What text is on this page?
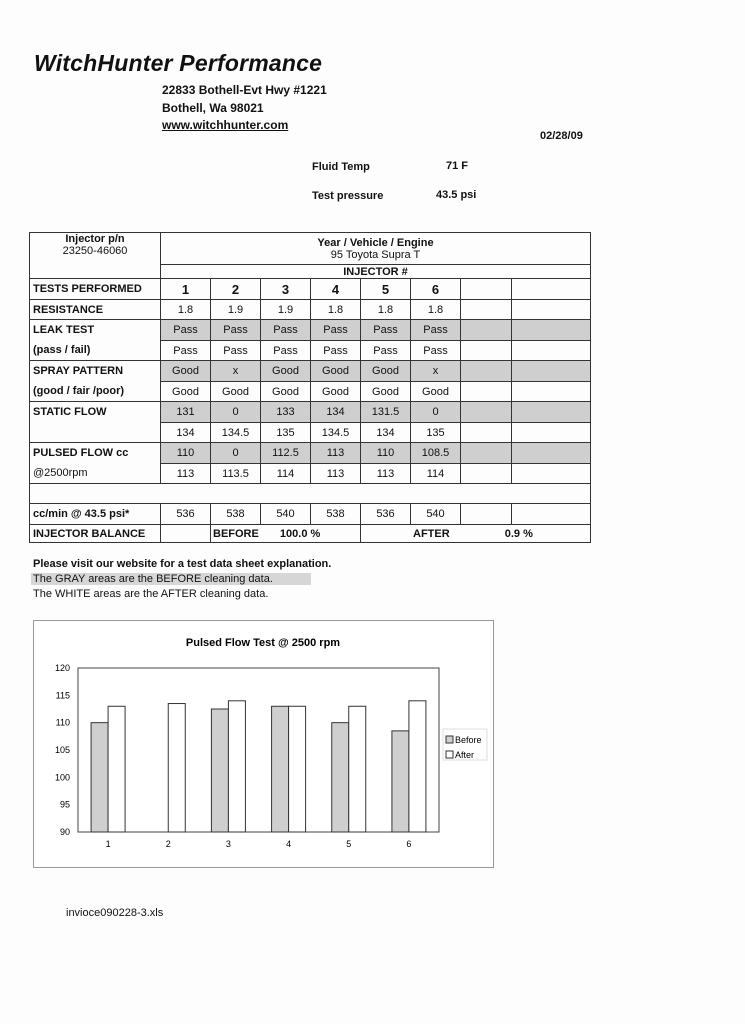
WitchHunter Performance
22833 Bothell-Evt Hwy #1221
Bothell, Wa 98021
www.witchhunter.com
02/28/09
Fluid Temp	71 F
Test pressure	43.5 psi
Injector p/n
23250-46060	Year / Vehicle / Engine
95 Toyota Supra T							
	INJECTOR #							
TESTS PERFORMED	1	2	3	4	5	6		
RESISTANCE	1.8	1.9	1.9	1.8	1.8	1.8		
LEAK TEST	Pass	Pass	Pass	Pass	Pass	Pass		
(pass / fail)	Pass	Pass	Pass	Pass	Pass	Pass		
SPRAY PATTERN	Good	x	Good	Good	Good	x		
(good / fair /poor)	Good	Good	Good	Good	Good	Good		
STATIC FLOW	131	0	133	134	131.5	0		
	134	134.5	135	134.5	134	135		
PULSED FLOW cc	110	0	112.5	113	110	108.5		
@2500rpm	113	113.5	114	113	113	114		

cc/min @ 43.5 psi*	536	538	540	538	536	540		
INJECTOR BALANCE		BEFORE 100.0 %			AFTER 0.9 %			
Please visit our website for a test data sheet explanation.
The GRAY areas are the BEFORE cleaning data.
The WHITE areas are the AFTER cleaning data.
Pulsed Flow Test @ 2500 rpm
90
95
100
105
110
115
120
1	2	3	4	5	6
Before
After
invioce090228-3.xls
